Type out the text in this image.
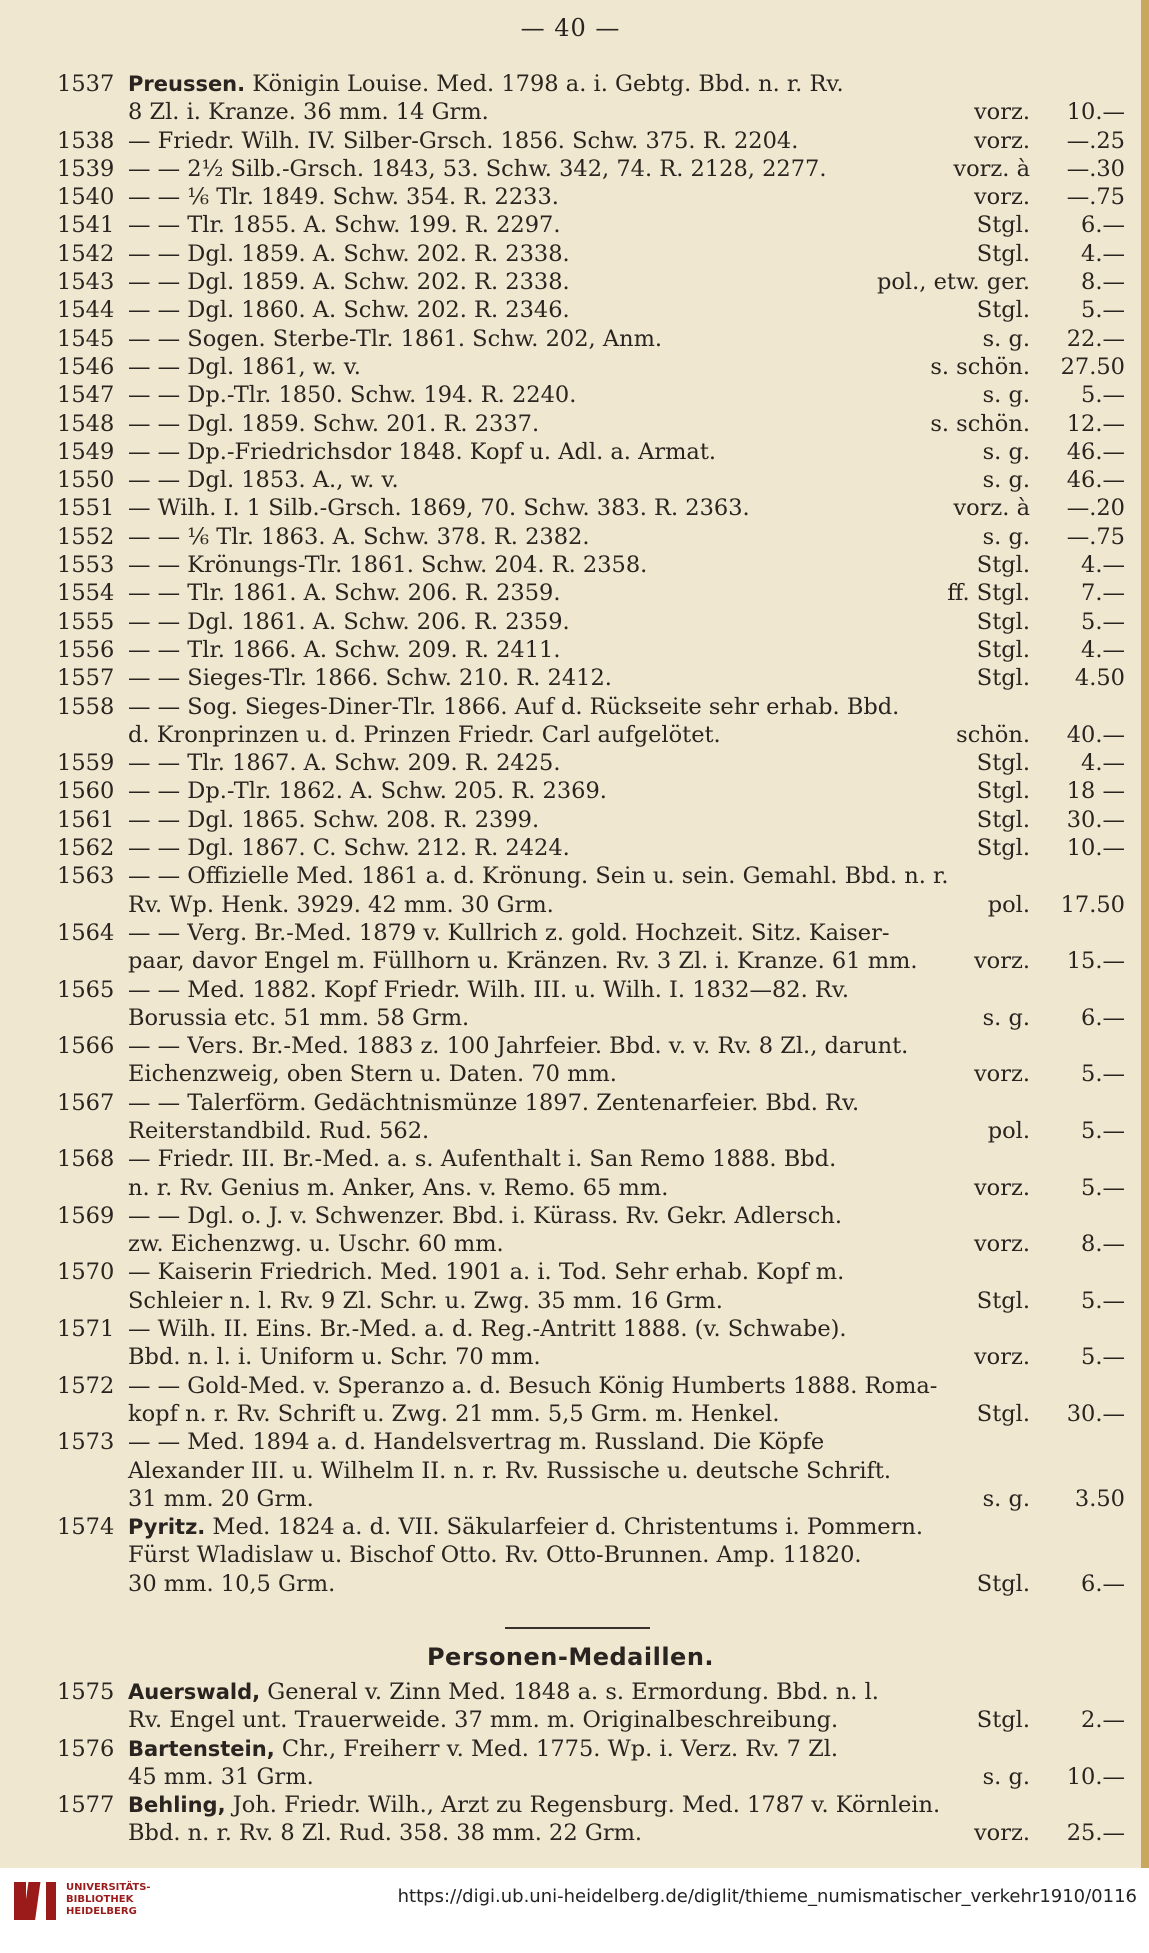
— 40 —
1537 Preussen. Königin Louise. Med. 1798 a. i. Gebtg. Bbd. n. r. Rv.
8 Zl. i. Kranze. 36 mm. 14 Grm.	vorz. 10.—
1538 — Friedr. Wilh. IV. Silber-Grsch. 1856. Schw. 375. R. 2204.	vorz. —.25
1539 — — 2½ Silb.-Grsch. 1843, 53. Schw. 342, 74. R. 2128, 2277.	vorz. à —.30
1540 — — ⅙ Tlr. 1849. Schw. 354. R. 2233.	vorz. —.75
1541 — — Tlr. 1855. A. Schw. 199. R. 2297.	Stgl. 6.—
1542 — — Dgl. 1859. A. Schw. 202. R. 2338.	Stgl. 4.—
1543 — — Dgl. 1859. A. Schw. 202. R. 2338.	pol., etw. ger. 8.—
1544 — — Dgl. 1860. A. Schw. 202. R. 2346.	Stgl. 5.—
1545 — — Sogen. Sterbe-Tlr. 1861. Schw. 202, Anm.	s. g. 22.—
1546 — — Dgl. 1861, w. v.	s. schön. 27.50
1547 — — Dp.-Tlr. 1850. Schw. 194. R. 2240.	s. g. 5.—
1548 — — Dgl. 1859. Schw. 201. R. 2337.	s. schön. 12.—
1549 — — Dp.-Friedrichsdor 1848. Kopf u. Adl. a. Armat.	s. g. 46.—
1550 — — Dgl. 1853. A., w. v.	s. g. 46.—
1551 — Wilh. I. 1 Silb.-Grsch. 1869, 70. Schw. 383. R. 2363.	vorz. à —.20
1552 — — ⅙ Tlr. 1863. A. Schw. 378. R. 2382.	s. g. —.75
1553 — — Krönungs-Tlr. 1861. Schw. 204. R. 2358.	Stgl. 4.—
1554 — — Tlr. 1861. A. Schw. 206. R. 2359.	ff. Stgl. 7.—
1555 — — Dgl. 1861. A. Schw. 206. R. 2359.	Stgl. 5.—
1556 — — Tlr. 1866. A. Schw. 209. R. 2411.	Stgl. 4.—
1557 — — Sieges-Tlr. 1866. Schw. 210. R. 2412.	Stgl. 4.50
1558 — — Sog. Sieges-Diner-Tlr. 1866. Auf d. Rückseite sehr erhab. Bbd.
d. Kronprinzen u. d. Prinzen Friedr. Carl aufgelötet.	schön. 40.—
1559 — — Tlr. 1867. A. Schw. 209. R. 2425.	Stgl. 4.—
1560 — — Dp.-Tlr. 1862. A. Schw. 205. R. 2369.	Stgl. 18 —
1561 — — Dgl. 1865. Schw. 208. R. 2399.	Stgl. 30.—
1562 — — Dgl. 1867. C. Schw. 212. R. 2424.	Stgl. 10.—
1563 — — Offizielle Med. 1861 a. d. Krönung. Sein u. sein. Gemahl. Bbd. n. r.
Rv. Wp. Henk. 3929. 42 mm. 30 Grm.	pol. 17.50
1564 — — Verg. Br.-Med. 1879 v. Kullrich z. gold. Hochzeit. Sitz. Kaiser-
paar, davor Engel m. Füllhorn u. Kränzen. Rv. 3 Zl. i. Kranze. 61 mm.	vorz. 15.—
1565 — — Med. 1882. Kopf Friedr. Wilh. III. u. Wilh. I. 1832—82. Rv.
Borussia etc. 51 mm. 58 Grm.	s. g. 6.—
1566 — — Vers. Br.-Med. 1883 z. 100 Jahrfeier. Bbd. v. v. Rv. 8 Zl., darunt.
Eichenzweig, oben Stern u. Daten. 70 mm.	vorz. 5.—
1567 — — Talerförm. Gedächtnismünze 1897. Zentenarfeier. Bbd. Rv.
Reiterstandbild. Rud. 562.	pol. 5.—
1568 — Friedr. III. Br.-Med. a. s. Aufenthalt i. San Remo 1888. Bbd.
n. r. Rv. Genius m. Anker, Ans. v. Remo. 65 mm.	vorz. 5.—
1569 — — Dgl. o. J. v. Schwenzer. Bbd. i. Kürass. Rv. Gekr. Adlersch.
zw. Eichenzwg. u. Uschr. 60 mm.	vorz. 8.—
1570 — Kaiserin Friedrich. Med. 1901 a. i. Tod. Sehr erhab. Kopf m.
Schleier n. l. Rv. 9 Zl. Schr. u. Zwg. 35 mm. 16 Grm.	Stgl. 5.—
1571 — Wilh. II. Eins. Br.-Med. a. d. Reg.-Antritt 1888. (v. Schwabe).
Bbd. n. l. i. Uniform u. Schr. 70 mm.	vorz. 5.—
1572 — — Gold-Med. v. Speranzo a. d. Besuch König Humberts 1888. Roma-
kopf n. r. Rv. Schrift u. Zwg. 21 mm. 5,5 Grm. m. Henkel.	Stgl. 30.—
1573 — — Med. 1894 a. d. Handelsvertrag m. Russland. Die Köpfe
Alexander III. u. Wilhelm II. n. r. Rv. Russische u. deutsche Schrift.
31 mm. 20 Grm.	s. g. 3.50
1574 Pyritz. Med. 1824 a. d. VII. Säkularfeier d. Christentums i. Pommern.
Fürst Wladislaw u. Bischof Otto. Rv. Otto-Brunnen. Amp. 11820.
30 mm. 10,5 Grm.	Stgl. 6.—
Personen-Medaillen.
1575 Auerswald, General v. Zinn Med. 1848 a. s. Ermordung. Bbd. n. l.
Rv. Engel unt. Trauerweide. 37 mm. m. Originalbeschreibung.	Stgl. 2.—
1576 Bartenstein, Chr., Freiherr v. Med. 1775. Wp. i. Verz. Rv. 7 Zl.
45 mm. 31 Grm.	s. g. 10.—
1577 Behling, Joh. Friedr. Wilh., Arzt zu Regensburg. Med. 1787 v. Körnlein.
Bbd. n. r. Rv. 8 Zl. Rud. 358. 38 mm. 22 Grm.	vorz. 25.—
UNIVERSITÄTS-
BIBLIOTHEK
HEIDELBERG
https://digi.ub.uni-heidelberg.de/diglit/thieme_numismatischer_verkehr1910/0116
